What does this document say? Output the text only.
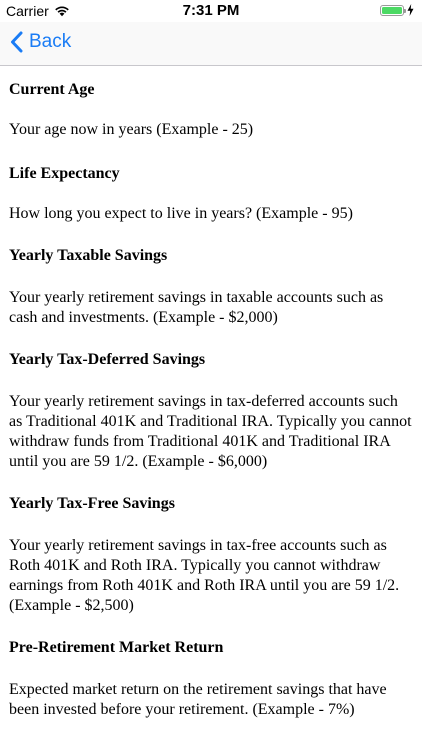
Carrier	7:31 PM
Back

Current Age

Your age now in years (Example - 25)

Life Expectancy

How long you expect to live in years? (Example - 95)

Yearly Taxable Savings

Your yearly retirement savings in taxable accounts such as cash and investments. (Example - $2,000)

Yearly Tax-Deferred Savings

Your yearly retirement savings in tax-deferred accounts such as Traditional 401K and Traditional IRA. Typically you cannot withdraw funds from Traditional 401K and Traditional IRA until you are 59 1/2. (Example - $6,000)

Yearly Tax-Free Savings

Your yearly retirement savings in tax-free accounts such as Roth 401K and Roth IRA. Typically you cannot withdraw earnings from Roth 401K and Roth IRA until you are 59 1/2. (Example - $2,500)

Pre-Retirement Market Return

Expected market return on the retirement savings that have been invested before your retirement. (Example - 7%)
